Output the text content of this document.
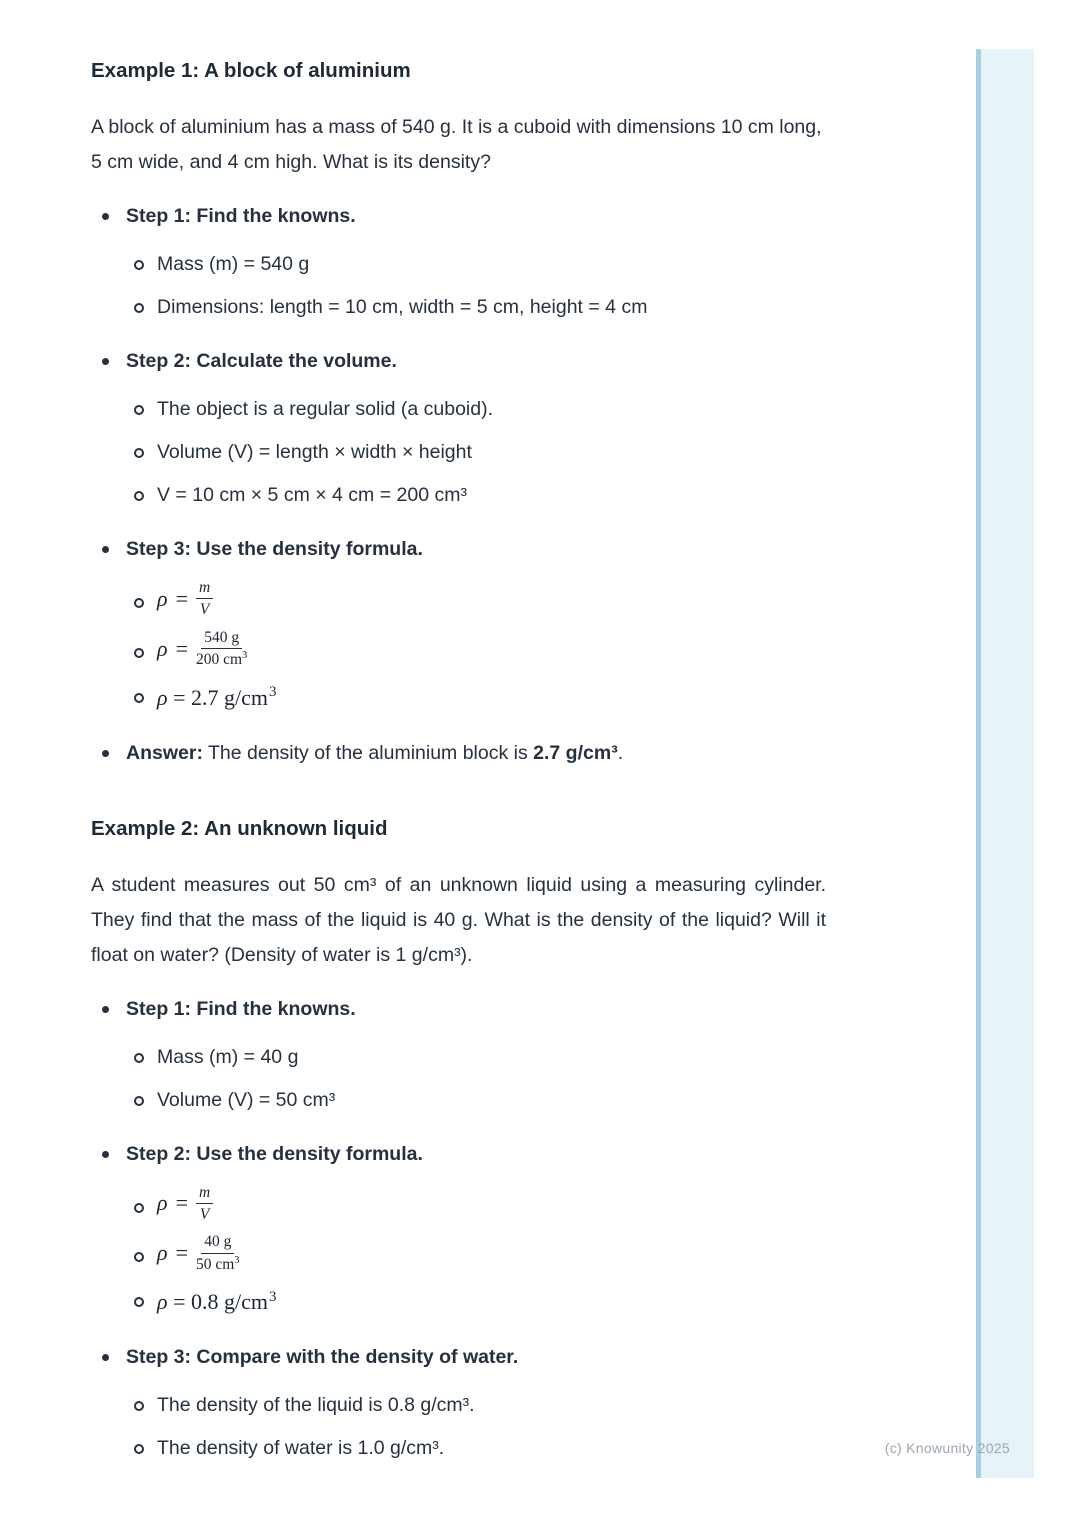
(c) Knowunity 2025
Example 1: A block of aluminium

A block of aluminium has a mass of 540 g. It is a cuboid with dimensions 10 cm long, 5 cm wide, and 4 cm high. What is its density?

Step 1: Find the knowns.
Mass (m) = 540 g
Dimensions: length = 10 cm, width = 5 cm, height = 4 cm
Step 2: Calculate the volume.
The object is a regular solid (a cuboid).
Volume (V) = length × width × height
V = 10 cm × 5 cm × 4 cm = 200 cm³
Step 3: Use the density formula.
$\rho = \frac{m}{V}$
$\rho = \frac{540 g}{200 cm^3}$
ρ = 2.7 $g/cm^3$
Answer: The density of the aluminium block is 2.7 g/cm³.
Example 2: An unknown liquid

A student measures out 50 cm³ of an unknown liquid using a measuring cylinder. They find that the mass of the liquid is 40 g. What is the density of the liquid? Will it float on water? (Density of water is 1 g/cm³).

Step 1: Find the knowns.
Mass (m) = 40 g
Volume (V) = 50 cm³
Step 2: Use the density formula.
$\rho = \frac{m}{V}$
$\rho = \frac{40 g}{50 cm^3}$
ρ = 0.8 $g/cm^3$
Step 3: Compare with the density of water.
The density of the liquid is 0.8 g/cm³.
The density of water is 1.0 g/cm³.
